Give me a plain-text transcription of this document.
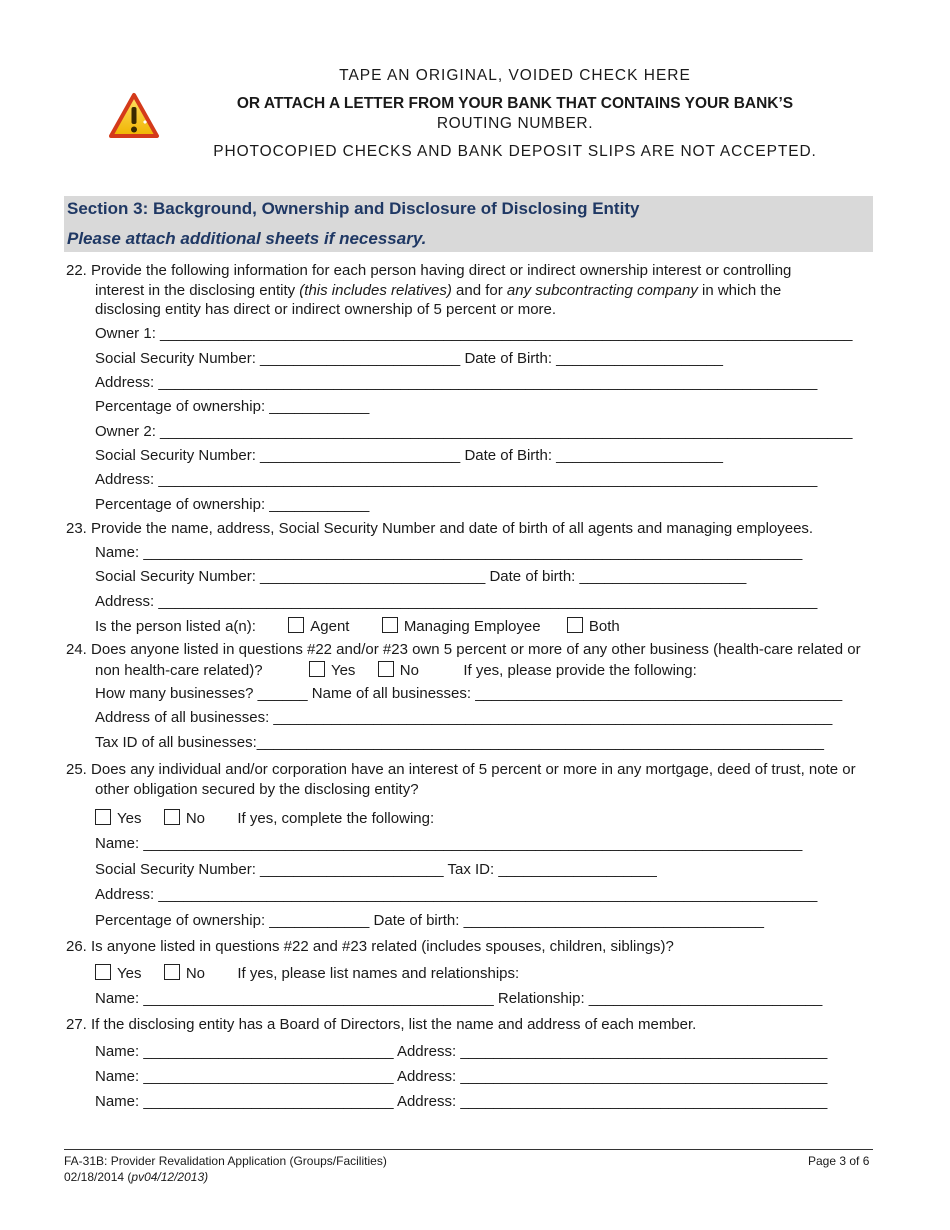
TAPE AN ORIGINAL, VOIDED CHECK HERE
OR ATTACH A LETTER FROM YOUR BANK THAT CONTAINS YOUR BANK’S
ROUTING NUMBER.
PHOTOCOPIED CHECKS AND BANK DEPOSIT SLIPS ARE NOT ACCEPTED.
Section 3: Background, Ownership and Disclosure of Disclosing Entity
Please attach additional sheets if necessary.
22. Provide the following information for each person having direct or indirect ownership interest or controlling
interest in the disclosing entity (this includes relatives) and for any subcontracting company in which the
disclosing entity has direct or indirect ownership of 5 percent or more.
Owner 1: ___________________________________________________________________________________
Social Security Number: ________________________ Date of Birth: ____________________
Address: _______________________________________________________________________________
Percentage of ownership: ____________
Owner 2: ___________________________________________________________________________________
Social Security Number: ________________________ Date of Birth: ____________________
Address: _______________________________________________________________________________
Percentage of ownership: ____________
23. Provide the name, address, Social Security Number and date of birth of all agents and managing employees.
Name: _______________________________________________________________________________
Social Security Number: ___________________________ Date of birth: ____________________
Address: _______________________________________________________________________________
Is the person listed a(n):	Agent	Managing Employee	Both
24. Does anyone listed in questions #22 and/or #23 own 5 percent or more of any other business (health-care related or
non health-care related)?	Yes	No	If yes, please provide the following:
How many businesses? ______ Name of all businesses: ____________________________________________
Address of all businesses: ___________________________________________________________________
Tax ID of all businesses:____________________________________________________________________
25. Does any individual and/or corporation have an interest of 5 percent or more in any mortgage, deed of trust, note or
other obligation secured by the disclosing entity?
Yes	No If yes, complete the following:
Name: _______________________________________________________________________________
Social Security Number: ______________________ Tax ID: ___________________
Address: _______________________________________________________________________________
Percentage of ownership: ____________ Date of birth: ____________________________________
26. Is anyone listed in questions #22 and #23 related (includes spouses, children, siblings)?
Yes	No If yes, please list names and relationships:
Name: __________________________________________ Relationship: ____________________________
27. If the disclosing entity has a Board of Directors, list the name and address of each member.
Name: ______________________________ Address: ____________________________________________
Name: ______________________________ Address: ____________________________________________
Name: ______________________________ Address: ____________________________________________
FA-31B: Provider Revalidation Application (Groups/Facilities)
02/18/2014 (pv04/12/2013)
Page 3 of 6
